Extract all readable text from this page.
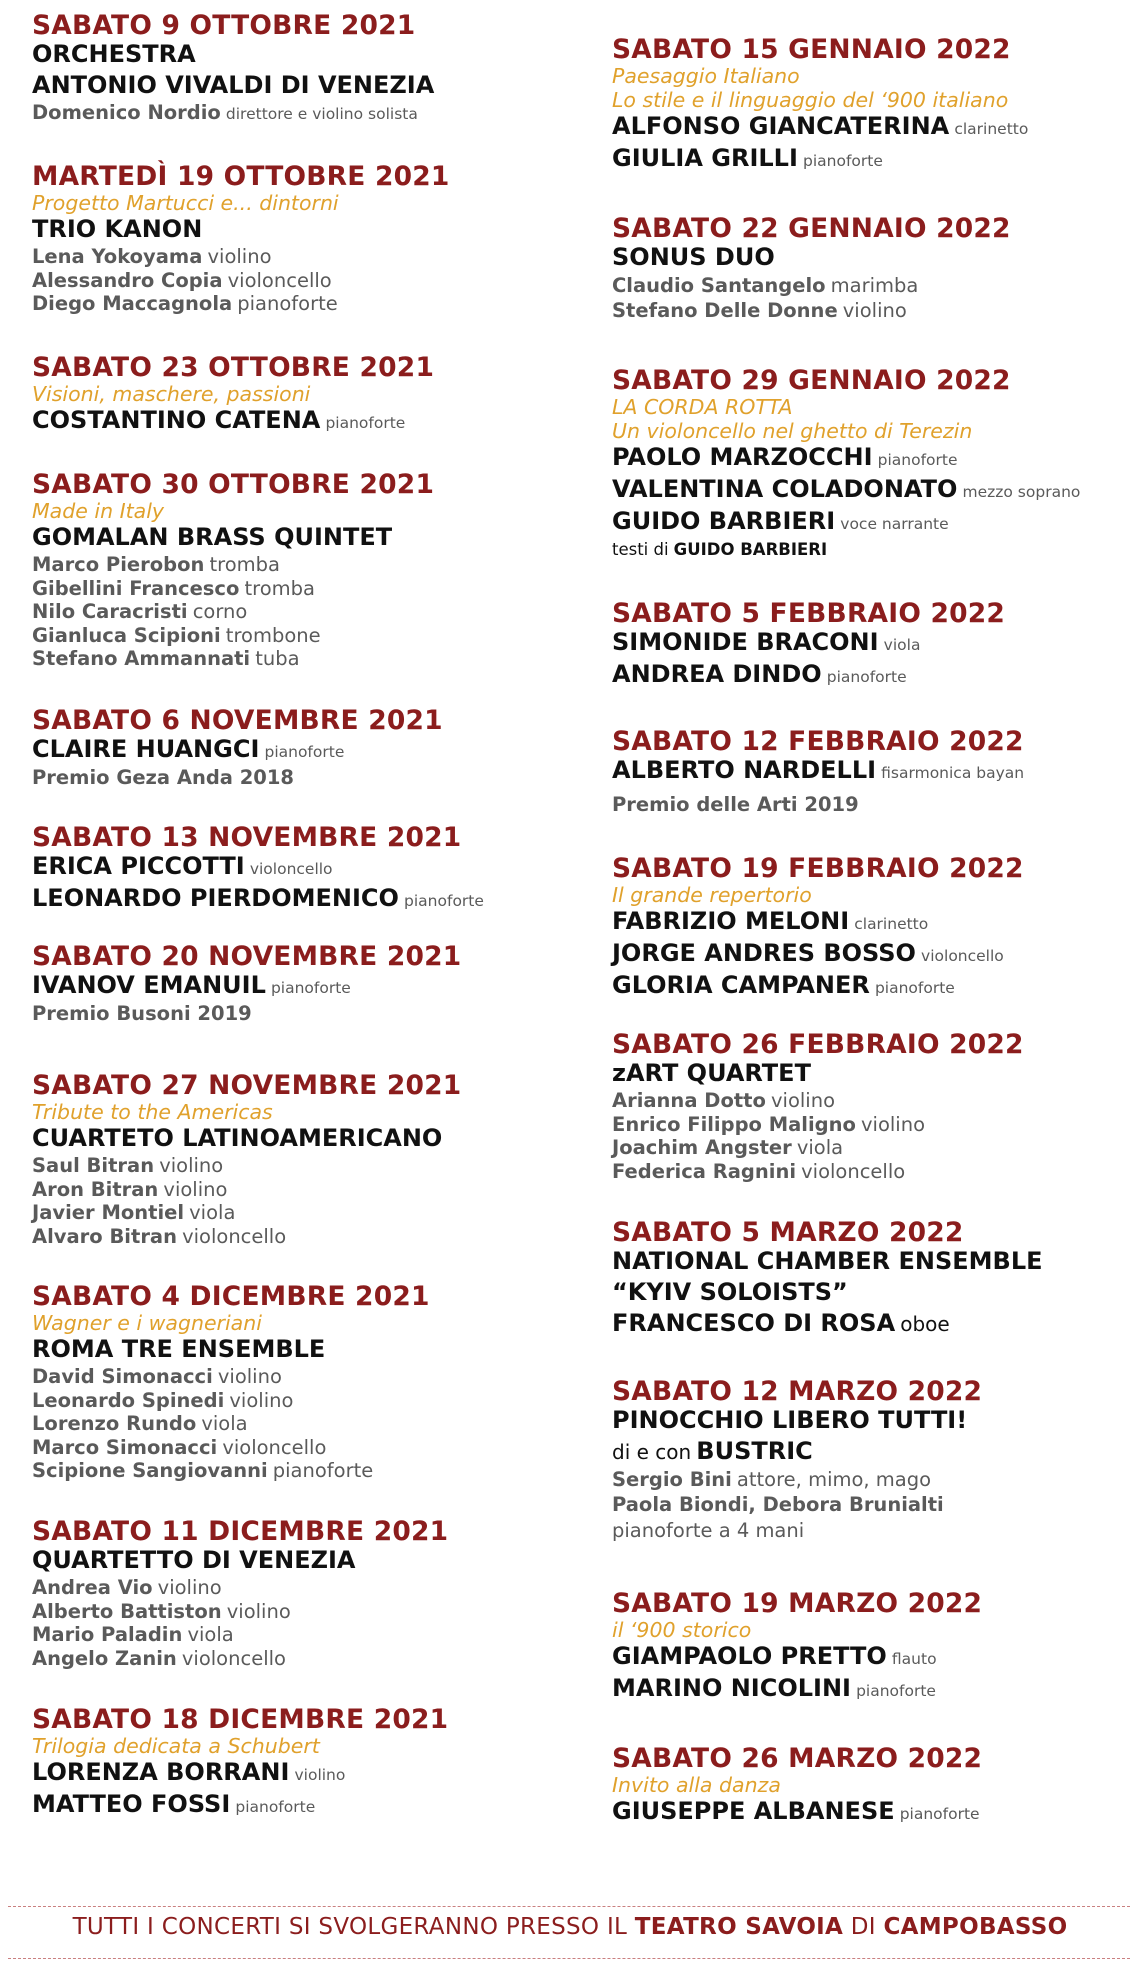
SABATO 9 OTTOBRE 2021
ORCHESTRA
ANTONIO VIVALDI DI VENEZIA
Domenico Nordio direttore e violino solista
MARTEDÌ 19 OTTOBRE 2021
Progetto Martucci e... dintorni
TRIO KANON
Lena Yokoyama violino
Alessandro Copia violoncello
Diego Maccagnola pianoforte
SABATO 23 OTTOBRE 2021
Visioni, maschere, passioni
COSTANTINO CATENA pianoforte
SABATO 30 OTTOBRE 2021
Made in Italy
GOMALAN BRASS QUINTET
Marco Pierobon tromba
Gibellini Francesco tromba
Nilo Caracristi corno
Gianluca Scipioni trombone
Stefano Ammannati tuba
SABATO 6 NOVEMBRE 2021
CLAIRE HUANGCI pianoforte
Premio Geza Anda 2018
SABATO 13 NOVEMBRE 2021
ERICA PICCOTTI violoncello
LEONARDO PIERDOMENICO pianoforte
SABATO 20 NOVEMBRE 2021
IVANOV EMANUIL pianoforte
Premio Busoni 2019
SABATO 27 NOVEMBRE 2021
Tribute to the Americas
CUARTETO LATINOAMERICANO
Saul Bitran violino
Aron Bitran violino
Javier Montiel viola
Alvaro Bitran violoncello
SABATO 4 DICEMBRE 2021
Wagner e i wagneriani
ROMA TRE ENSEMBLE
David Simonacci violino
Leonardo Spinedi violino
Lorenzo Rundo viola
Marco Simonacci violoncello
Scipione Sangiovanni pianoforte
SABATO 11 DICEMBRE 2021
QUARTETTO DI VENEZIA
Andrea Vio violino
Alberto Battiston violino
Mario Paladin viola
Angelo Zanin violoncello
SABATO 18 DICEMBRE 2021
Trilogia dedicata a Schubert
LORENZA BORRANI violino
MATTEO FOSSI pianoforte
SABATO 15 GENNAIO 2022
Paesaggio Italiano
Lo stile e il linguaggio del ‘900 italiano
ALFONSO GIANCATERINA clarinetto
GIULIA GRILLI pianoforte
SABATO 22 GENNAIO 2022
SONUS DUO
Claudio Santangelo marimba
Stefano Delle Donne violino
SABATO 29 GENNAIO 2022
LA CORDA ROTTA
Un violoncello nel ghetto di Terezin
PAOLO MARZOCCHI pianoforte
VALENTINA COLADONATO mezzo soprano
GUIDO BARBIERI voce narrante
testi di GUIDO BARBIERI
SABATO 5 FEBBRAIO 2022
SIMONIDE BRACONI viola
ANDREA DINDO pianoforte
SABATO 12 FEBBRAIO 2022
ALBERTO NARDELLI fisarmonica bayan
Premio delle Arti 2019
SABATO 19 FEBBRAIO 2022
Il grande repertorio
FABRIZIO MELONI clarinetto
JORGE ANDRES BOSSO violoncello
GLORIA CAMPANER pianoforte
SABATO 26 FEBBRAIO 2022
zART QUARTET
Arianna Dotto violino
Enrico Filippo Maligno violino
Joachim Angster viola
Federica Ragnini violoncello
SABATO 5 MARZO 2022
NATIONAL CHAMBER ENSEMBLE
“KYIV SOLOISTS”
FRANCESCO DI ROSA oboe
SABATO 12 MARZO 2022
PINOCCHIO LIBERO TUTTI!
di e con BUSTRIC
Sergio Bini attore, mimo, mago
Paola Biondi, Debora Brunialti
pianoforte a 4 mani
SABATO 19 MARZO 2022
il ‘900 storico
GIAMPAOLO PRETTO flauto
MARINO NICOLINI pianoforte
SABATO 26 MARZO 2022
Invito alla danza
GIUSEPPE ALBANESE pianoforte
TUTTI I CONCERTI SI SVOLGERANNO PRESSO IL TEATRO SAVOIA DI CAMPOBASSO
